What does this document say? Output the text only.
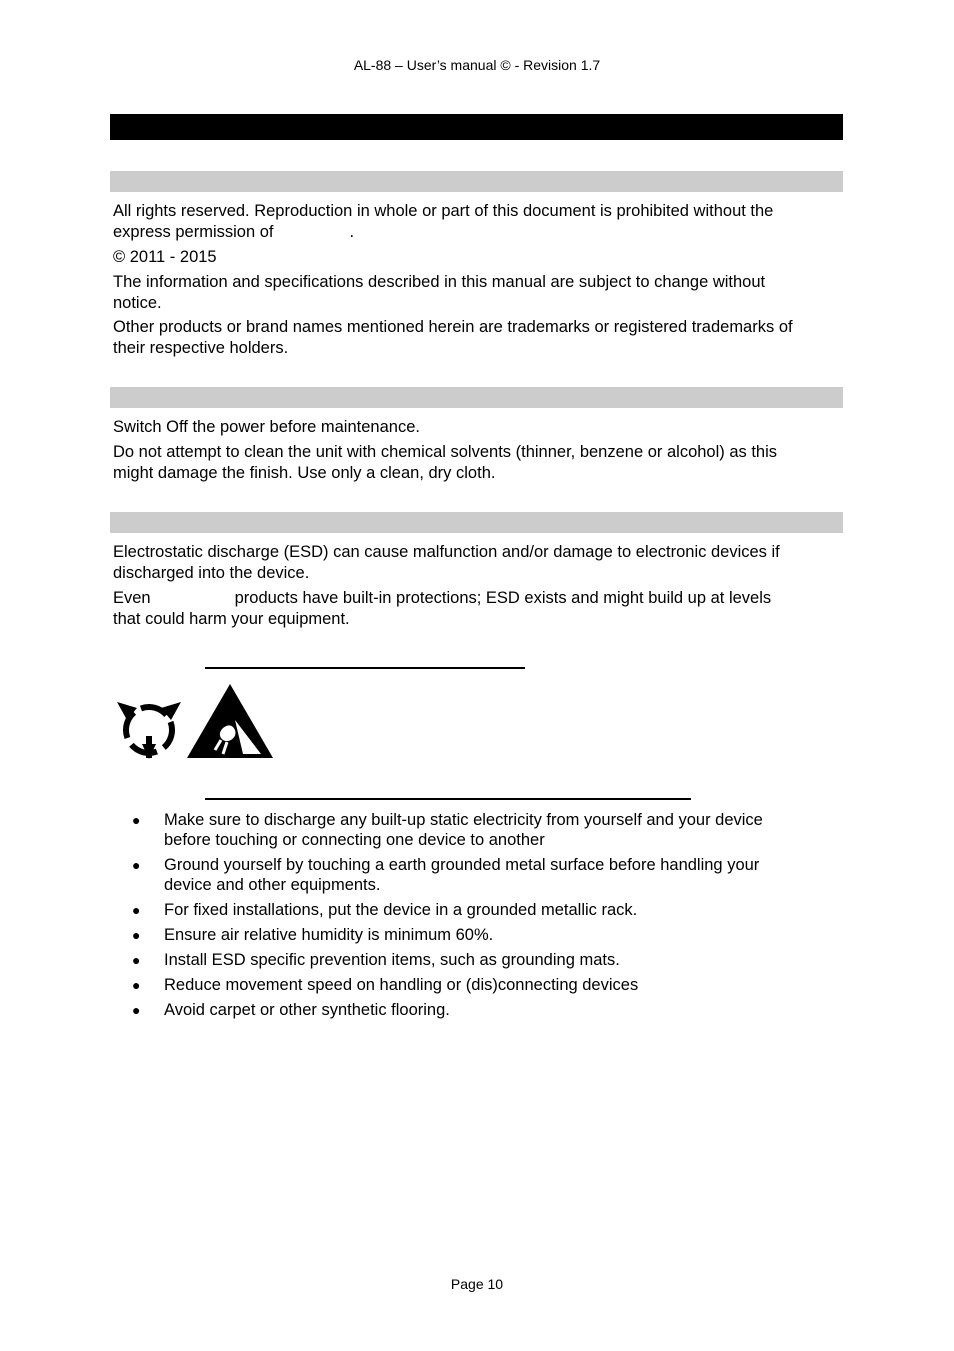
AL-88 – User’s manual © - Revision 1.7
All rights reserved. Reproduction in whole or part of this document is prohibited without the
express permission of	.
© 2011 - 2015
The information and specifications described in this manual are subject to change without
notice.
Other products or brand names mentioned herein are trademarks or registered trademarks of
their respective holders.
Switch Off the power before maintenance.
Do not attempt to clean the unit with chemical solvents (thinner, benzene or alcohol) as this
might damage the finish. Use only a clean, dry cloth.
Electrostatic discharge (ESD) can cause malfunction and/or damage to electronic devices if
discharged into the device.
Even	products have built-in protections; ESD exists and might build up at levels
that could harm your equipment.
● Make sure to discharge any built-up static electricity from yourself and your device
before touching or connecting one device to another
● Ground yourself by touching a earth grounded metal surface before handling your
device and other equipments.
● For fixed installations, put the device in a grounded metallic rack.
● Ensure air relative humidity is minimum 60%.
● Install ESD specific prevention items, such as grounding mats.
● Reduce movement speed on handling or (dis)connecting devices
● Avoid carpet or other synthetic flooring.
Page 10
